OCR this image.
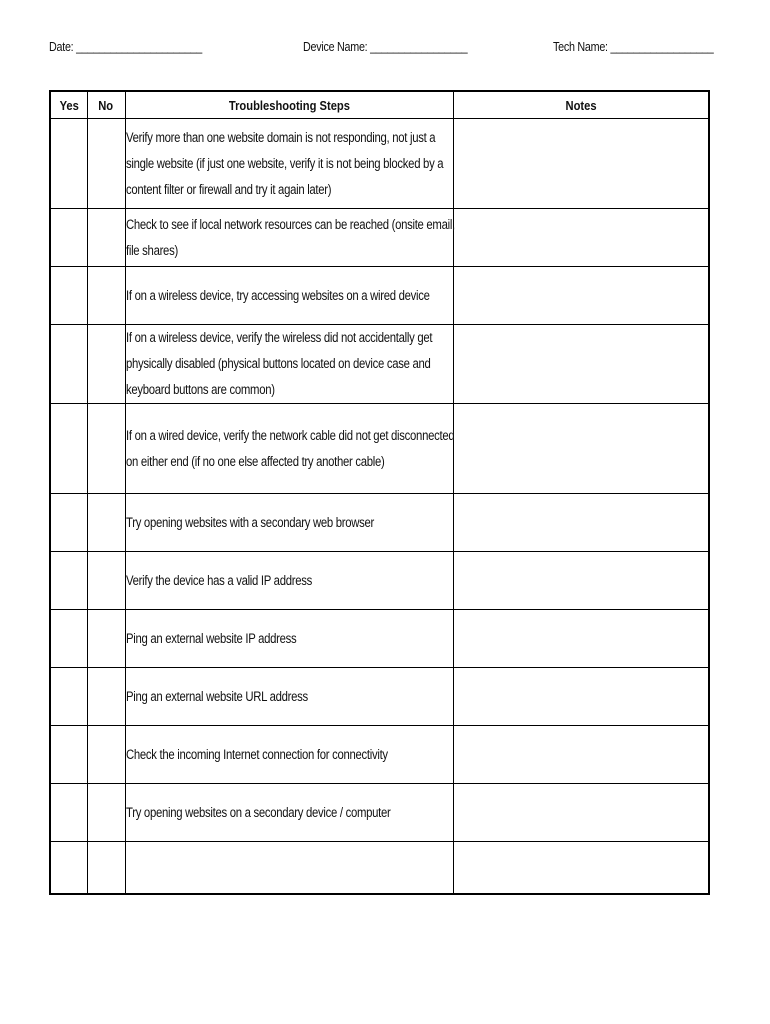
Date: ______________________	Device Name: _________________	Tech Name: __________________
Yes	No	Troubleshooting Steps	Notes
		Verify more than one website domain is not responding, not just a single website (if just one website, verify it is not being blocked by a content filter or firewall and try it again later)	
		Check to see if local network resources can be reached (onsite email, file shares)	
		If on a wireless device, try accessing websites on a wired device	
		If on a wireless device, verify the wireless did not accidentally get physically disabled (physical buttons located on device case and keyboard buttons are common)	
		If on a wired device, verify the network cable did not get disconnected on either end (if no one else affected try another cable)	
		Try opening websites with a secondary web browser	
		Verify the device has a valid IP address	
		Ping an external website IP address	
		Ping an external website URL address	
		Check the incoming Internet connection for connectivity	
		Try opening websites on a secondary device / computer	
